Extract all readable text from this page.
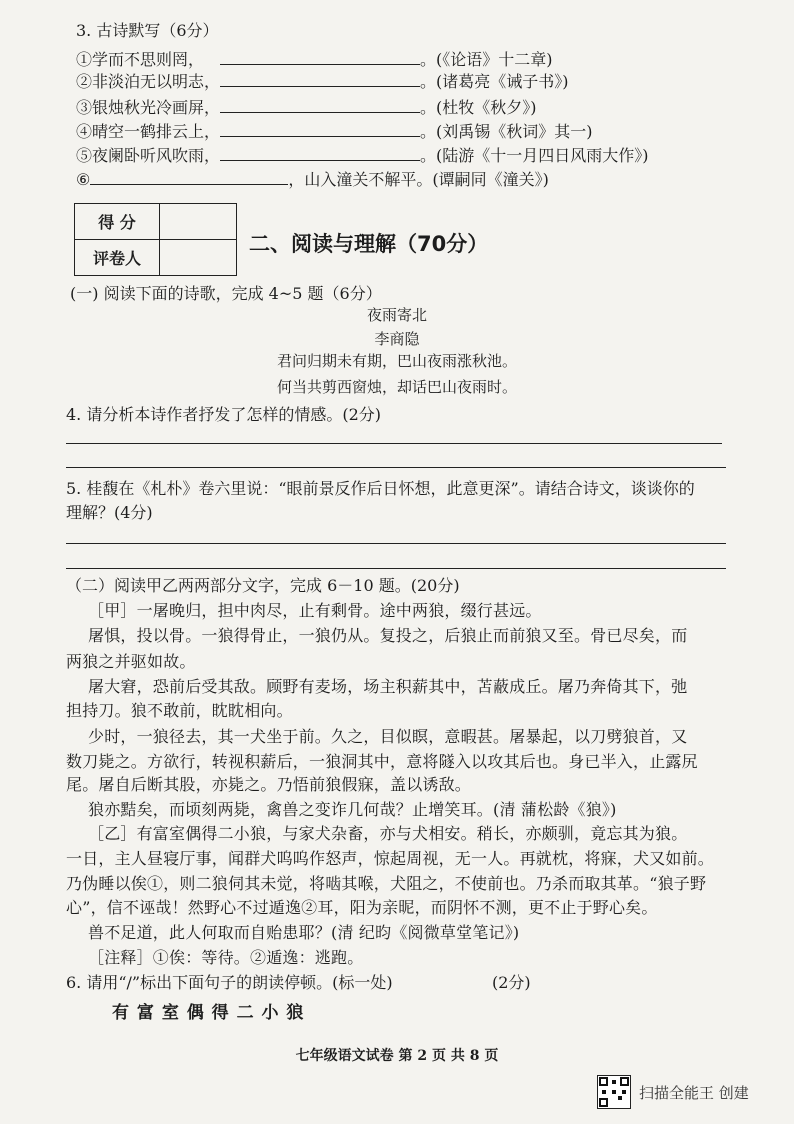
3. 古诗默写（6分）
①学而不思则罔，	。(《论语》十二章)
②非淡泊无以明志，	。(诸葛亮《诫子书》)
③银烛秋光冷画屏，	。(杜牧《秋夕》)
④晴空一鹤排云上，	。(刘禹锡《秋词》其一)
⑤夜阑卧听风吹雨，	。(陆游《十一月四日风雨大作》)
⑥	，山入潼关不解平。(谭嗣同《潼关》)
得 分	
评卷人	
二、阅读与理解（70分）
(一) 阅读下面的诗歌，完成 4~5 题（6分）
夜雨寄北
李商隐
君问归期未有期，巴山夜雨涨秋池。
何当共剪西窗烛，却话巴山夜雨时。
4. 请分析本诗作者抒发了怎样的情感。(2分)
5. 桂馥在《札朴》卷六里说：“眼前景反作后日怀想，此意更深”。请结合诗文，谈谈你的
理解？(4分)
（二）阅读甲乙两两部分文字，完成 6－10 题。(20分)
［甲］一屠晚归，担中肉尽，止有剩骨。途中两狼，缀行甚远。
屠惧，投以骨。一狼得骨止，一狼仍从。复投之，后狼止而前狼又至。骨已尽矣，而
两狼之并驱如故。
屠大窘，恐前后受其敌。顾野有麦场，场主积薪其中，苫蔽成丘。屠乃奔倚其下，弛
担持刀。狼不敢前，眈眈相向。
少时，一狼径去，其一犬坐于前。久之，目似瞑，意暇甚。屠暴起，以刀劈狼首，又
数刀毙之。方欲行，转视积薪后，一狼洞其中，意将隧入以攻其后也。身已半入，止露尻
尾。屠自后断其股，亦毙之。乃悟前狼假寐，盖以诱敌。
狼亦黠矣，而顷刻两毙，禽兽之变诈几何哉？止增笑耳。(清 蒲松龄《狼》)
［乙］有富室偶得二小狼，与家犬杂畜，亦与犬相安。稍长，亦颇驯，竟忘其为狼。
一日，主人昼寝厅事，闻群犬呜呜作怒声，惊起周视，无一人。再就枕，将寐，犬又如前。
乃伪睡以俟①，则二狼伺其未觉，将啮其喉，犬阻之，不使前也。乃杀而取其革。“狼子野
心”，信不诬哉！然野心不过遁逸②耳，阳为亲昵，而阴怀不测，更不止于野心矣。
兽不足道，此人何取而自贻患耶？(清 纪昀《阅微草堂笔记》)
［注释］①俟：等待。②遁逸：逃跑。
6. 请用“/”标出下面句子的朗读停顿。(标一处)	(2分)
有 富 室 偶 得 二 小 狼
七年级语文试卷 第 2 页 共 8 页
扫描全能王 创建
